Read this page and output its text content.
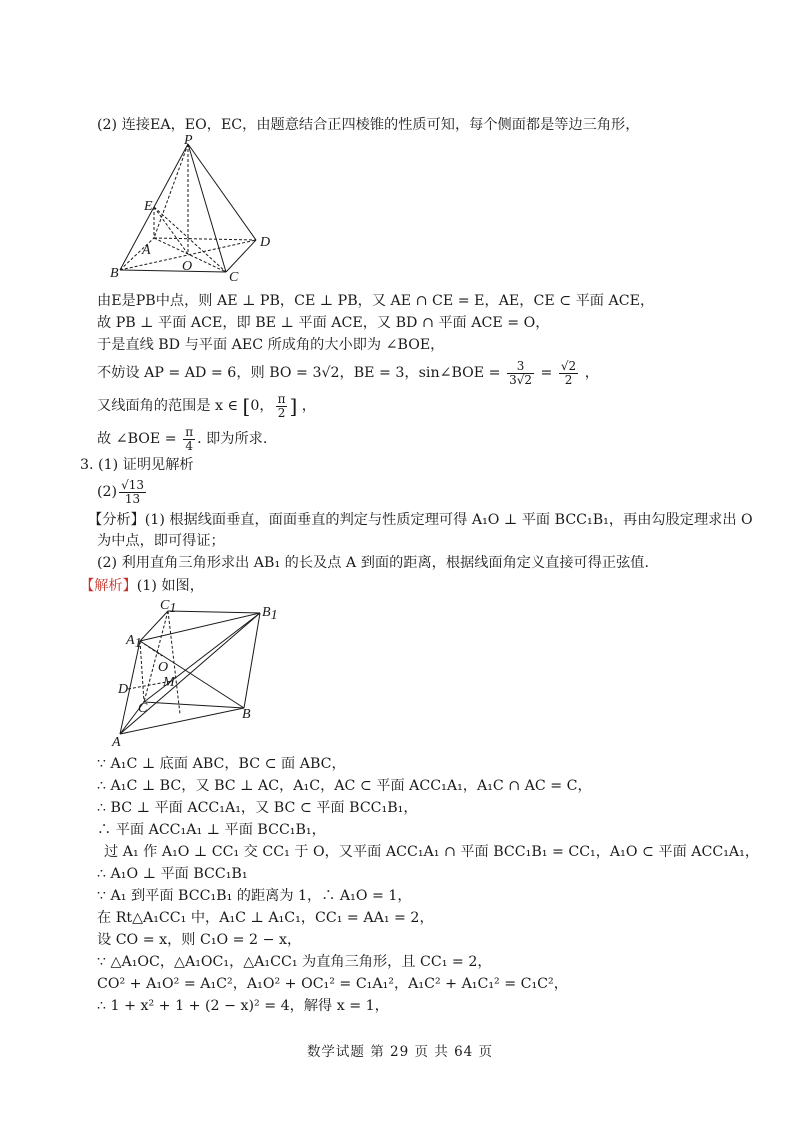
(2) 连接EA，EO，EC，由题意结合正四棱锥的性质可知，每个侧面都是等边三角形，
P
E
A
O
D
B	C
由E是PB中点，则 AE ⊥ PB，CE ⊥ PB，又 AE ∩ CE = E，AE，CE ⊂ 平面 ACE，
故 PB ⊥ 平面 ACE，即 BE ⊥ 平面 ACE，又 BD ∩ 平面 ACE = O，
于是直线 BD 与平面 AEC 所成角的大小即为 ∠BOE，
不妨设 AP = AD = 6，则 BO = 3√2，BE = 3，sin∠BOE = $\frac{3}{3√2} = \frac{√2}{2}$ ，
又线面角的范围是 x ∈ [0， $\frac{\pi}{2}$ ] ，
故 ∠BOE = $\frac{\pi}{4}$ . 即为所求.
3. (1) 证明见解析
$(2) \frac{√13}{13}$
【分析】(1) 根据线面垂直，面面垂直的判定与性质定理可得 A₁O ⊥ 平面 BCC₁B₁，再由勾股定理求出 O
为中点，即可得证；
(2) 利用直角三角形求出 AB₁ 的长及点 A 到面的距离，根据线面角定义直接可得正弦值.
【解析】(1) 如图，
C1	B1
A1
O
M
D
C	B
A
∵ A₁C ⊥ 底面 ABC，BC ⊂ 面 ABC，
∴ A₁C ⊥ BC，又 BC ⊥ AC，A₁C，AC ⊂ 平面 ACC₁A₁，A₁C ∩ AC = C，
∴ BC ⊥ 平面 ACC₁A₁，又 BC ⊂ 平面 BCC₁B₁，
∴ 平面 ACC₁A₁ ⊥ 平面 BCC₁B₁，
过 A₁ 作 A₁O ⊥ CC₁ 交 CC₁ 于 O，又平面 ACC₁A₁ ∩ 平面 BCC₁B₁ = CC₁，A₁O ⊂ 平面 ACC₁A₁，
∴ A₁O ⊥ 平面 BCC₁B₁
∵ A₁ 到平面 BCC₁B₁ 的距离为 1，∴ A₁O = 1，
在 Rt△A₁CC₁ 中，A₁C ⊥ A₁C₁，CC₁ = AA₁ = 2，
设 CO = x，则 C₁O = 2 − x，
∵ △A₁OC，△A₁OC₁，△A₁CC₁ 为直角三角形，且 CC₁ = 2，
CO² + A₁O² = A₁C²，A₁O² + OC₁² = C₁A₁²，A₁C² + A₁C₁² = C₁C²，
∴ 1 + x² + 1 + (2 − x)² = 4，解得 x = 1，
数学试题 第 29 页 共 64 页
